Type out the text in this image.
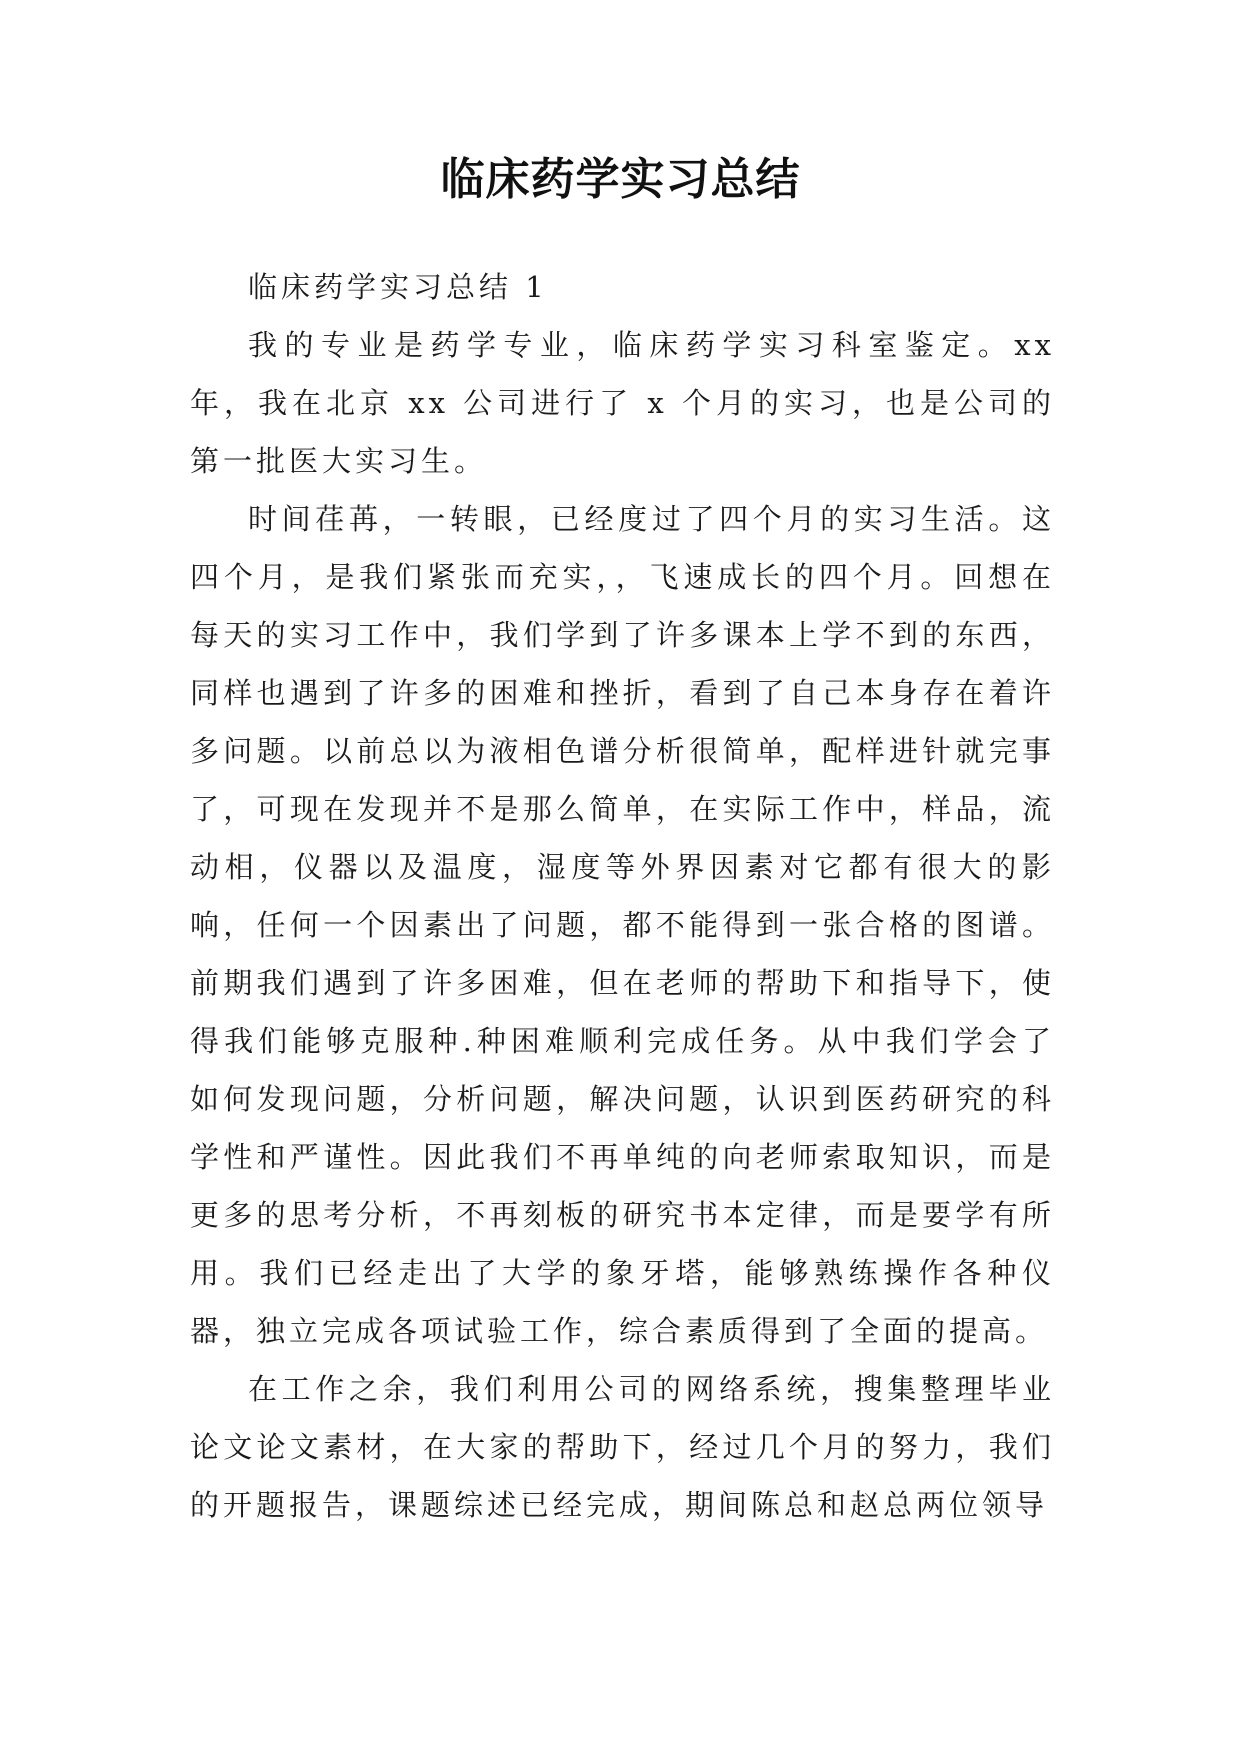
临床药学实习总结

临床药学实习总结 1

我的专业是药学专业，临床药学实习科室鉴定。xx 年，我在北京 xx 公司进行了 x 个月的实习，也是公司的第一批医大实习生。

时间荏苒，一转眼，已经度过了四个月的实习生活。这四个月，是我们紧张而充实，，飞速成长的四个月。回想在每天的实习工作中，我们学到了许多课本上学不到的东西，同样也遇到了许多的困难和挫折，看到了自己本身存在着许多问题。以前总以为液相色谱分析很简单，配样进针就完事了，可现在发现并不是那么简单，在实际工作中，样品，流动相，仪器以及温度，湿度等外界因素对它都有很大的影响，任何一个因素出了问题，都不能得到一张合格的图谱。前期我们遇到了许多困难，但在老师的帮助下和指导下，使得我们能够克服种.种困难顺利完成任务。从中我们学会了如何发现问题，分析问题，解决问题，认识到医药研究的科学性和严谨性。因此我们不再单纯的向老师索取知识，而是更多的思考分析，不再刻板的研究书本定律，而是要学有所用。我们已经走出了大学的象牙塔，能够熟练操作各种仪器，独立完成各项试验工作，综合素质得到了全面的提高。

在工作之余，我们利用公司的网络系统，搜集整理毕业论文论文素材，在大家的帮助下，经过几个月的努力，我们的开题报告，课题综述已经完成，期间陈总和赵总两位领导
